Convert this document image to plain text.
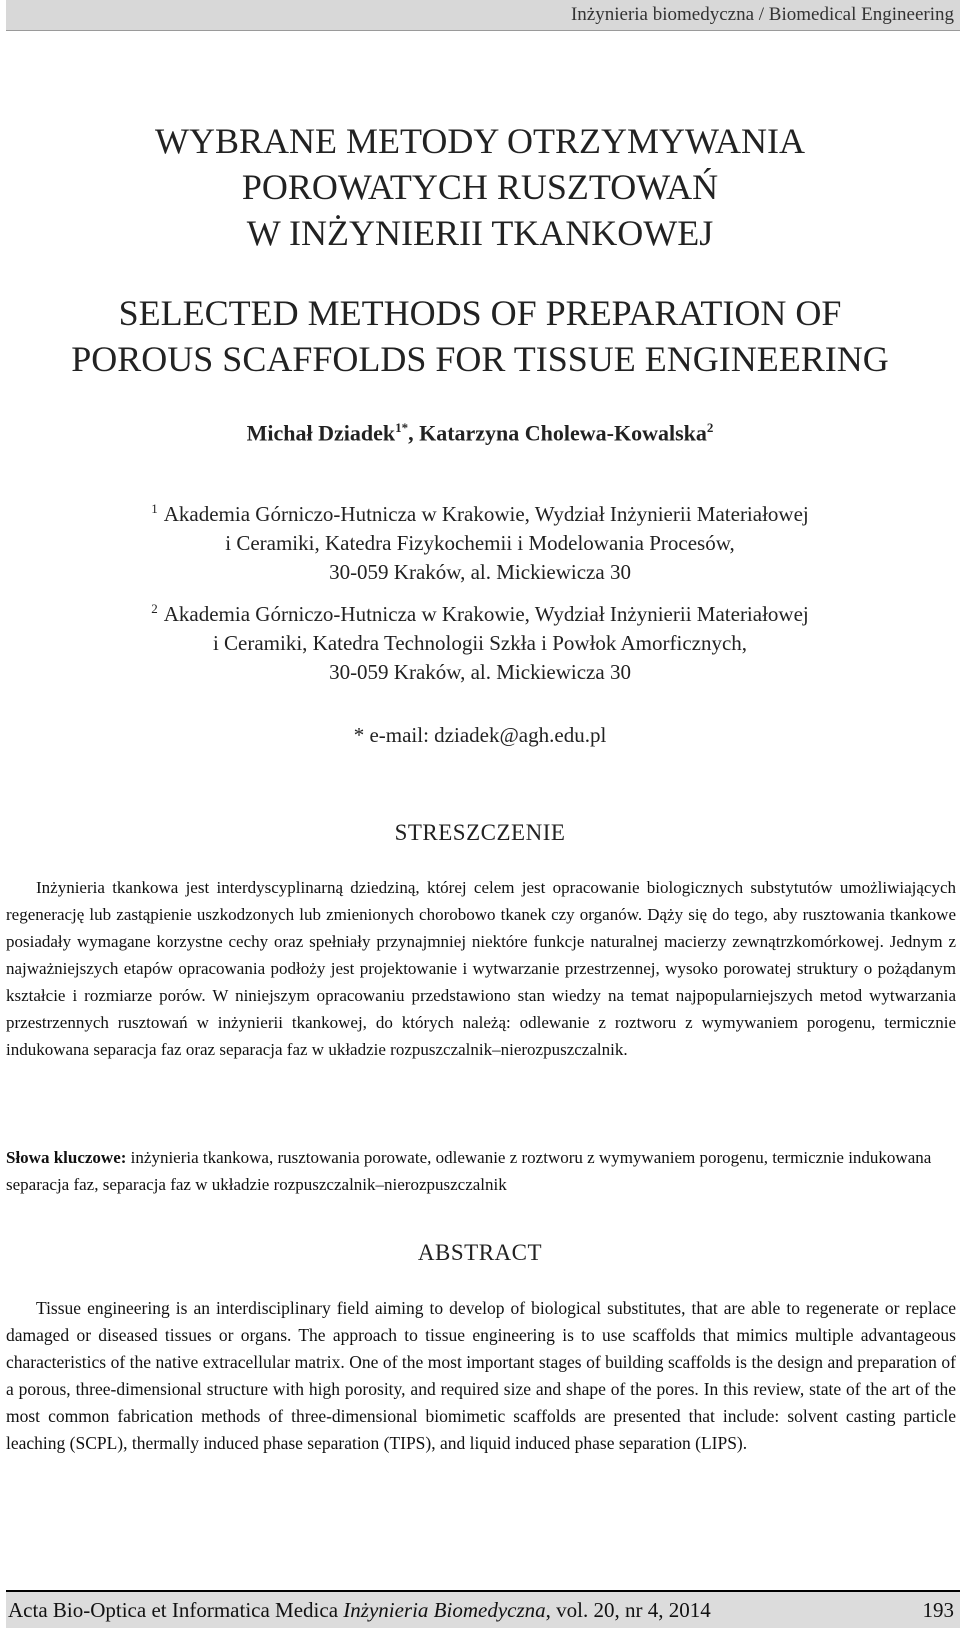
Inżynieria biomedyczna / Biomedical Engineering
WYBRANE METODY OTRZYMYWANIA
POROWATYCH RUSZTOWAŃ
W INŻYNIERII TKANKOWEJ
SELECTED METHODS OF PREPARATION OF
POROUS SCAFFOLDS FOR TISSUE ENGINEERING
Michał Dziadek$^{1*}$, Katarzyna Cholewa-Kowalska$^2$
$^1$ Akademia Górniczo-Hutnicza w Krakowie, Wydział Inżynierii Materiałowej
i Ceramiki, Katedra Fizykochemii i Modelowania Procesów,
30-059 Kraków, al. Mickiewicza 30
$^2$ Akademia Górniczo-Hutnicza w Krakowie, Wydział Inżynierii Materiałowej
i Ceramiki, Katedra Technologii Szkła i Powłok Amorficznych,
30-059 Kraków, al. Mickiewicza 30
* e-mail: dziadek@agh.edu.pl
STRESZCZENIE
Inżynieria tkankowa jest interdyscyplinarną dziedziną, której celem jest opracowanie biologicznych substytutów umożliwiających regenerację lub zastąpienie uszkodzonych lub zmienionych chorobowo tkanek czy organów. Dąży się do tego, aby rusztowania tkankowe posiadały wymagane korzystne cechy oraz spełniały przynajmniej niektóre funkcje naturalnej macierzy zewnątrzkomórkowej. Jednym z najważniejszych etapów opracowania podłoży jest projektowanie i wytwarzanie przestrzennej, wysoko porowatej struktury o pożądanym kształcie i rozmiarze porów. W niniejszym opracowaniu przedstawiono stan wiedzy na temat najpopularniejszych metod wytwarzania przestrzennych rusztowań w inżynierii tkankowej, do których należą: odlewanie z roztworu z wymywaniem porogenu, termicznie indukowana separacja faz oraz separacja faz w układzie rozpuszczalnik–nierozpuszczalnik.
Słowa kluczowe: inżynieria tkankowa, rusztowania porowate, odlewanie z roztworu z wymywaniem porogenu, termicznie indukowana separacja faz, separacja faz w układzie rozpuszczalnik–nierozpuszczalnik
ABSTRACT
Tissue engineering is an interdisciplinary field aiming to develop of biological substitutes, that are able to regenerate or replace damaged or diseased tissues or organs. The approach to tissue engineering is to use scaffolds that mimics multiple advantageous characteristics of the native extracellular matrix. One of the most important stages of building scaffolds is the design and preparation of a porous, three-dimensional structure with high porosity, and required size and shape of the pores. In this review, state of the art of the most common fabrication methods of three-dimensional biomimetic scaffolds are presented that include: solvent casting particle leaching (SCPL), thermally induced phase separation (TIPS), and liquid induced phase separation (LIPS).
Acta Bio-Optica et Informatica Medica Inżynieria Biomedyczna, vol. 20, nr 4, 2014	193
